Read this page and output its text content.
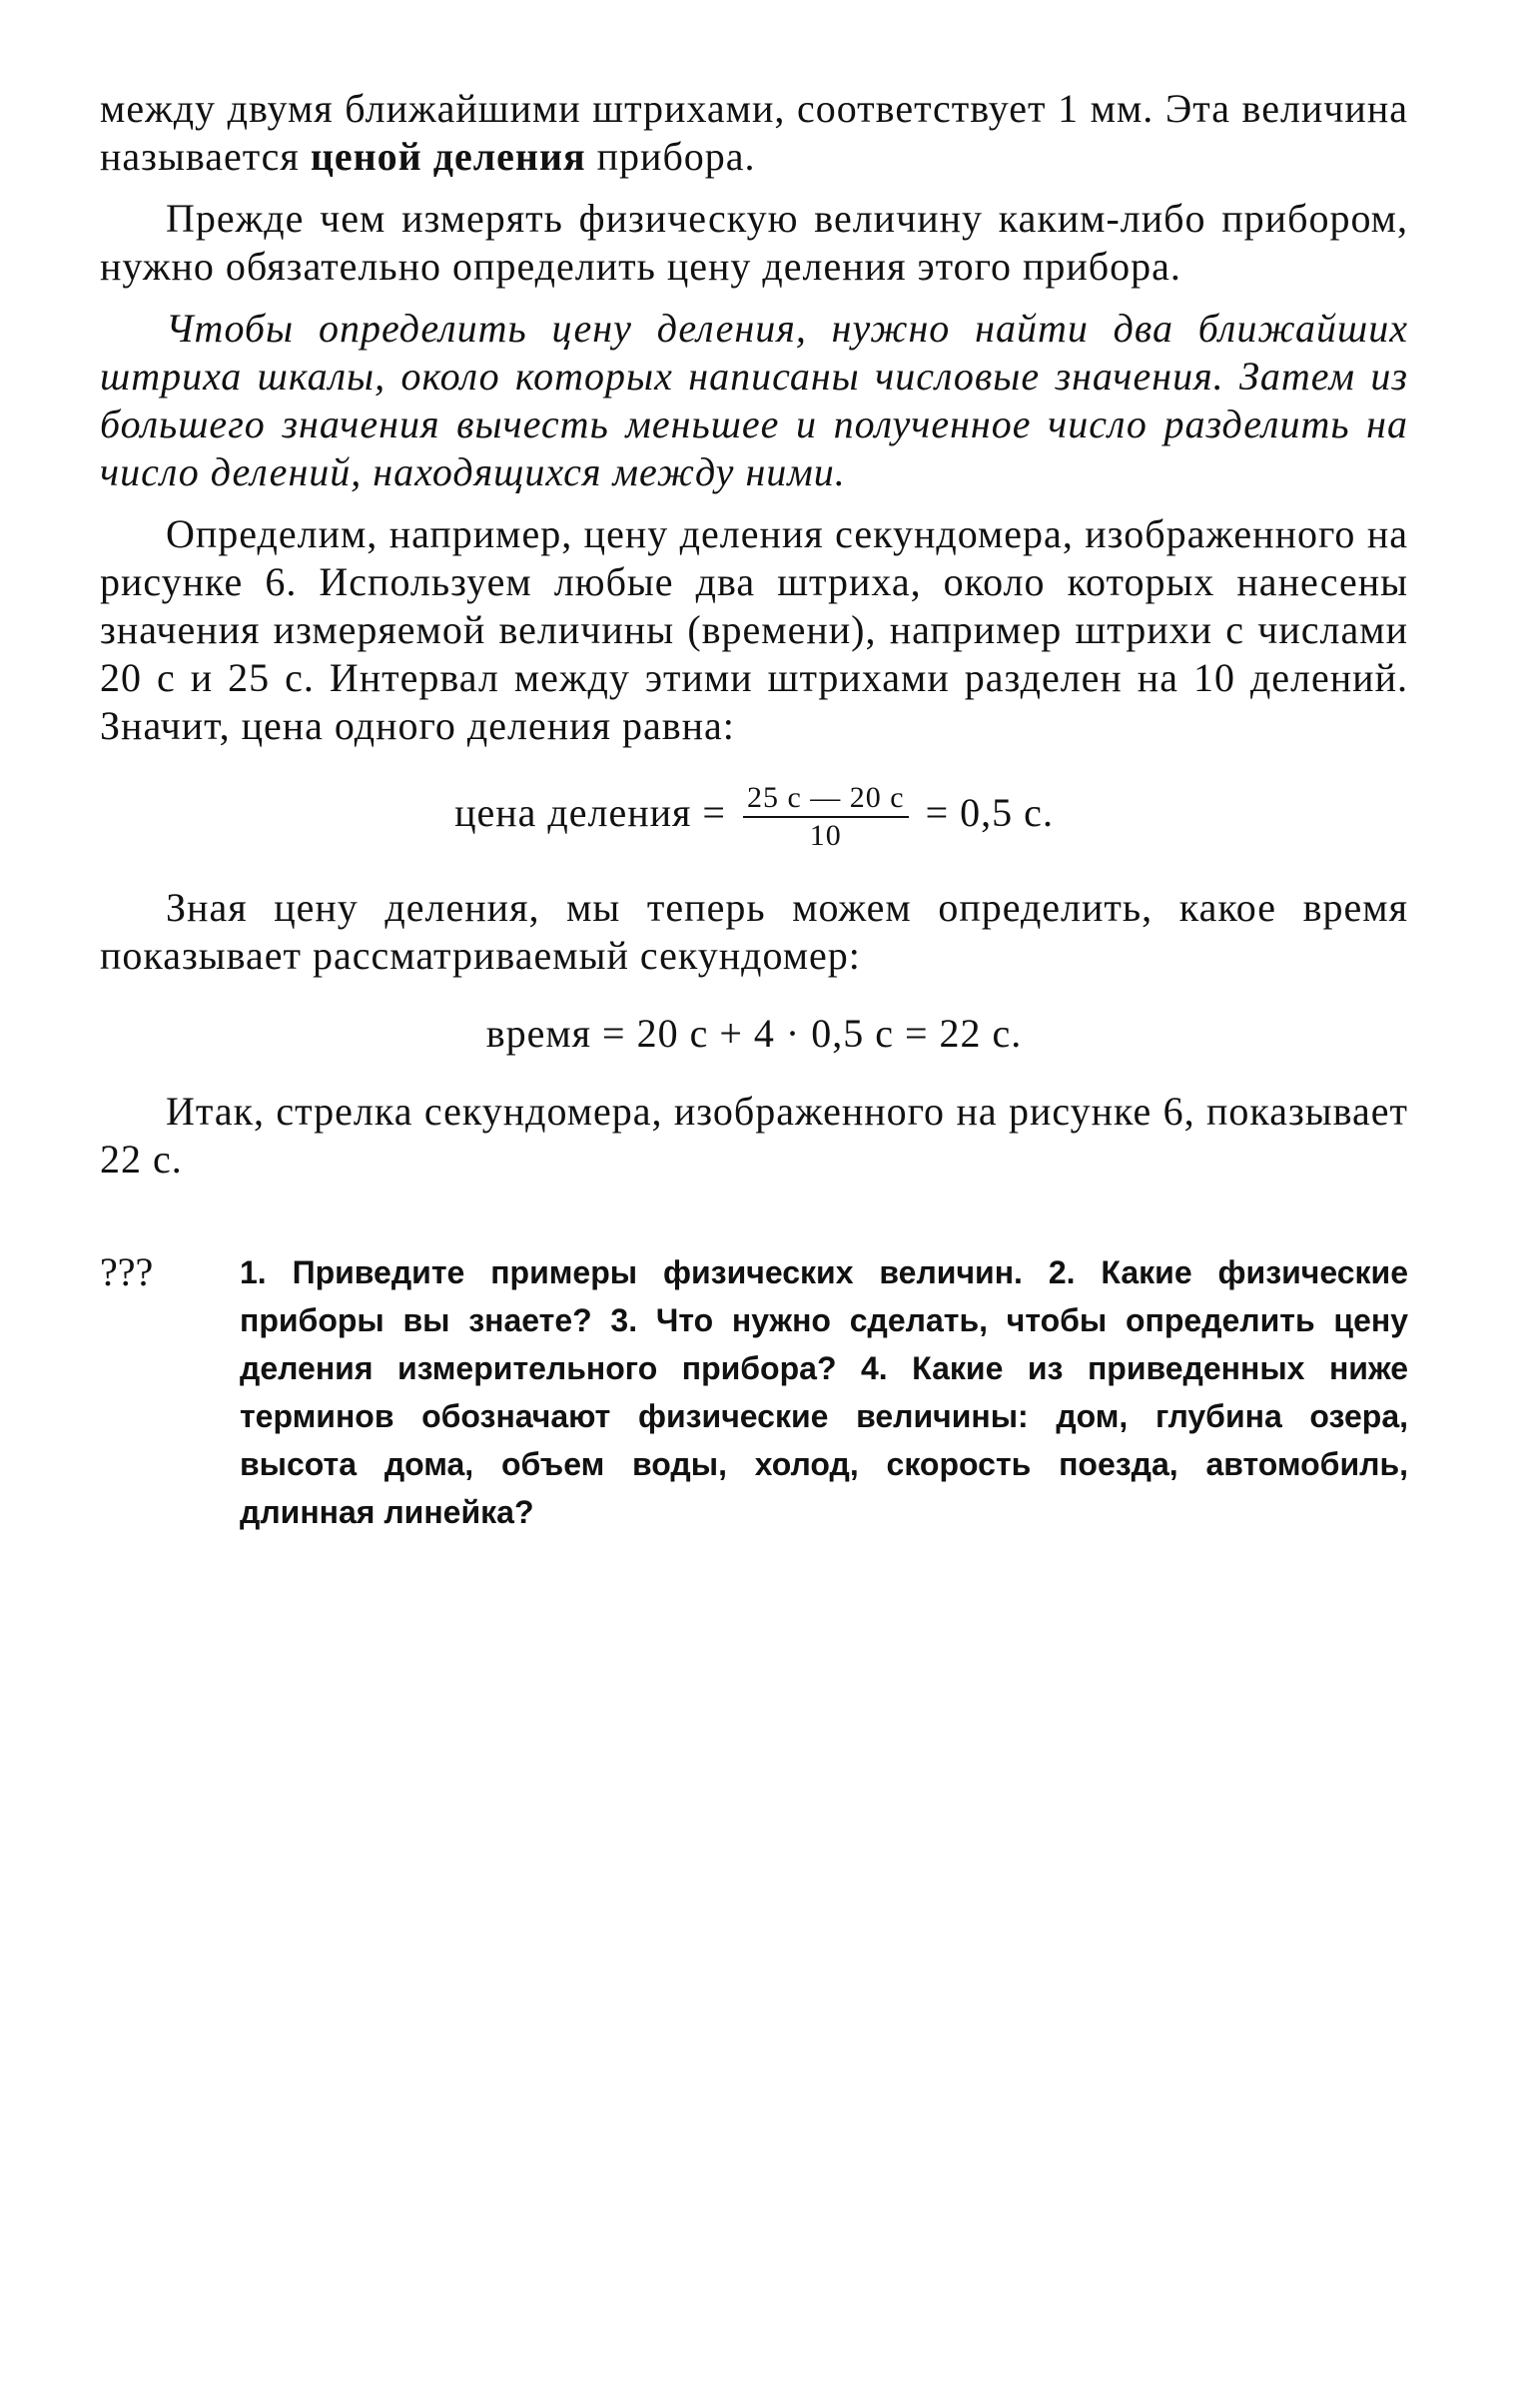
между двумя ближайшими штрихами, соответствует 1 мм. Эта величина называется ценой деления прибора.

Прежде чем измерять физическую величину каким-либо прибором, нужно обязательно определить цену деления этого прибора.

Чтобы определить цену деления, нужно найти два ближайших штриха шкалы, около которых написаны числовые значения. Затем из большего значения вычесть меньшее и полученное число разделить на число делений, находящихся между ними.

Определим, например, цену деления секундомера, изображенного на рисунке 6. Используем любые два штриха, около которых нанесены значения измеряемой величины (времени), например штрихи с числами 20 с и 25 с. Интервал между этими штрихами разделен на 10 делений. Значит, цена одного деления равна:

цена деления = $\frac{25 с — 20 с}{10} = 0,5$ с.

Зная цену деления, мы теперь можем определить, какое время показывает рассматриваемый секундомер:

время = 20 с + 4 · 0,5 с = 22 с.

Итак, стрелка секундомера, изображенного на рисунке 6, показывает 22 с.

???	1. Приведите примеры физических величин. 2. Какие физические приборы вы знаете? 3. Что нужно сделать, чтобы определить цену деления измерительного прибора? 4. Какие из приведенных ниже терминов обозначают физические величины: дом, глубина озера, высота дома, объем воды, холод, скорость поезда, автомобиль, длинная линейка?
